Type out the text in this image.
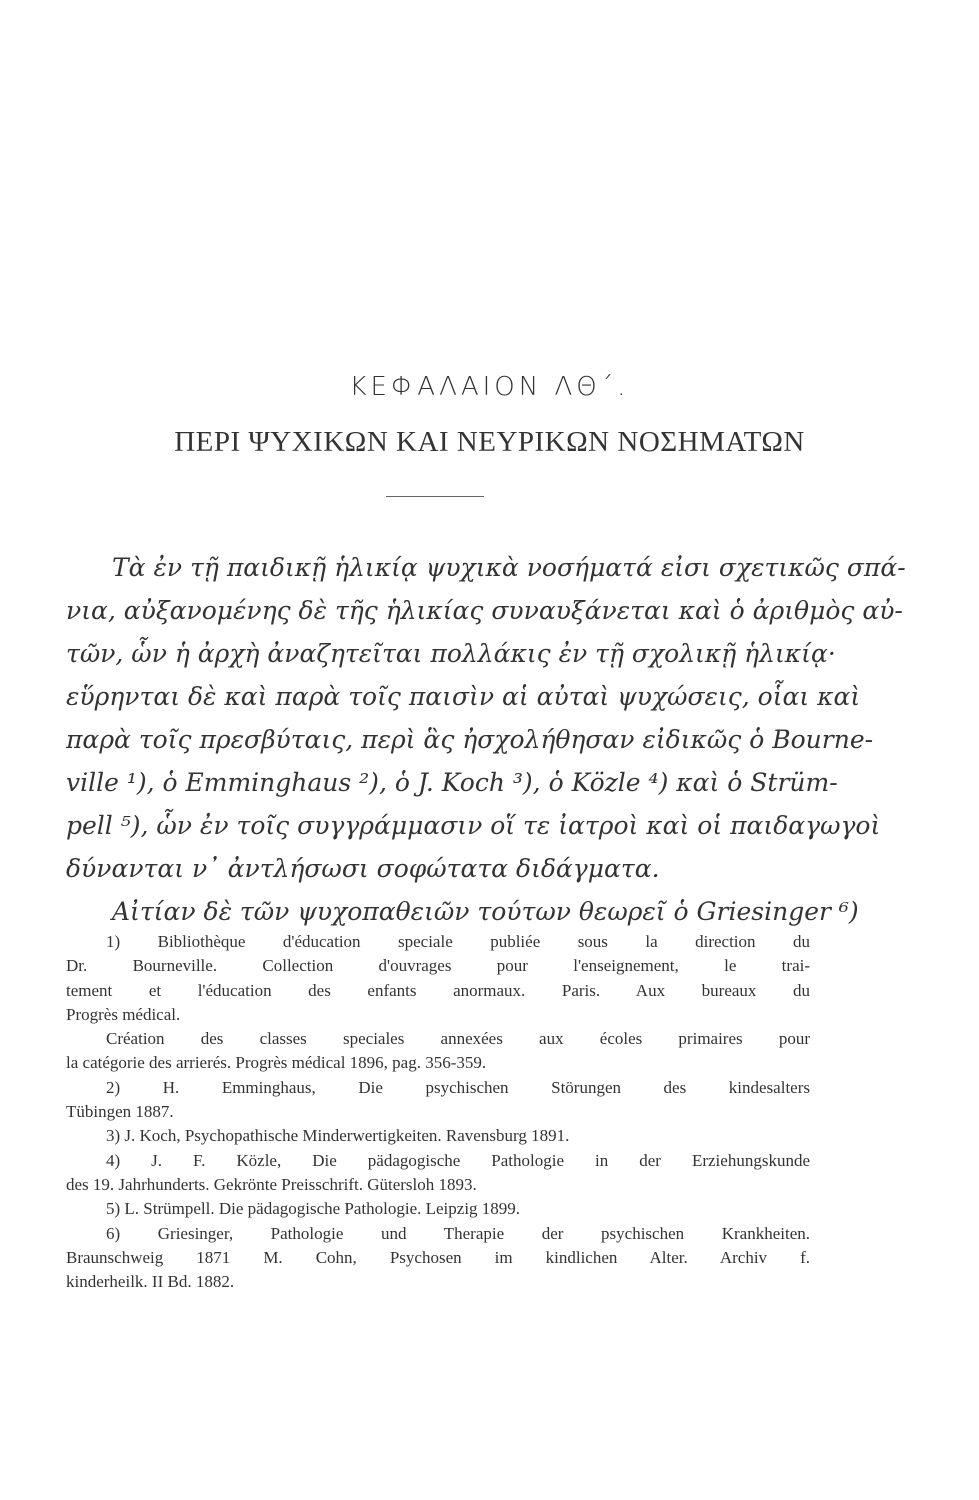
ΚΕΦΑΛΑΙΟΝ ΛΘ΄.
ΠΕΡΙ ΨΥΧΙΚΩΝ ΚΑΙ ΝΕΥΡΙΚΩΝ ΝΟΣΗΜΑΤΩΝ
Τὰ ἐν τῇ παιδικῇ ἡλικίᾳ ψυχικὰ νοσήματά εἰσι σχετικῶς σπά-
νια, αὐξανομένης δὲ τῆς ἡλικίας συναυξάνεται καὶ ὁ ἀριθμὸς αὐ-
τῶν, ὧν ἡ ἀρχὴ ἀναζητεῖται πολλάκις ἐν τῇ σχολικῇ ἡλικίᾳ·
εὕρηνται δὲ καὶ παρὰ τοῖς παισὶν αἱ αὐταὶ ψυχώσεις, οἷαι καὶ
παρὰ τοῖς πρεσβύταις, περὶ ἃς ἠσχολήθησαν εἰδικῶς ὁ Bourne-
ville ¹), ὁ Emminghaus ²), ὁ J. Koch ³), ὁ Közle ⁴) καὶ ὁ Strüm-
pell ⁵), ὧν ἐν τοῖς συγγράμμασιν οἵ τε ἰατροὶ καὶ οἱ παιδαγωγοὶ
δύνανται ν᾽ ἀντλήσωσι σοφώτατα διδάγματα.
Αἰτίαν δὲ τῶν ψυχοπαθειῶν τούτων θεωρεῖ ὁ Griesinger ⁶)
1) Bibliothèque d'éducation speciale publiée sous la direction du
Dr. Bourneville. Collection d'ouvrages pour l'enseignement, le trai-
tement et l'éducation des enfants anormaux. Paris. Aux bureaux du
Progrès médical.
Création des classes speciales annexées aux écoles primaires pour
la catégorie des arrierés. Progrès médical 1896, pag. 356-359.
2) H. Emminghaus, Die psychischen Störungen des kindesalters
Tübingen 1887.
3) J. Koch, Psychopathische Minderwertigkeiten. Ravensburg 1891.
4) J. F. Közle, Die pädagogische Pathologie in der Erziehungskunde
des 19. Jahrhunderts. Gekrönte Preisschrift. Gütersloh 1893.
5) L. Strümpell. Die pädagogische Pathologie. Leipzig 1899.
6) Griesinger, Pathologie und Therapie der psychischen Krankheiten.
Braunschweig 1871 M. Cohn, Psychosen im kindlichen Alter. Archiv f.
kinderheilk. II Bd. 1882.
